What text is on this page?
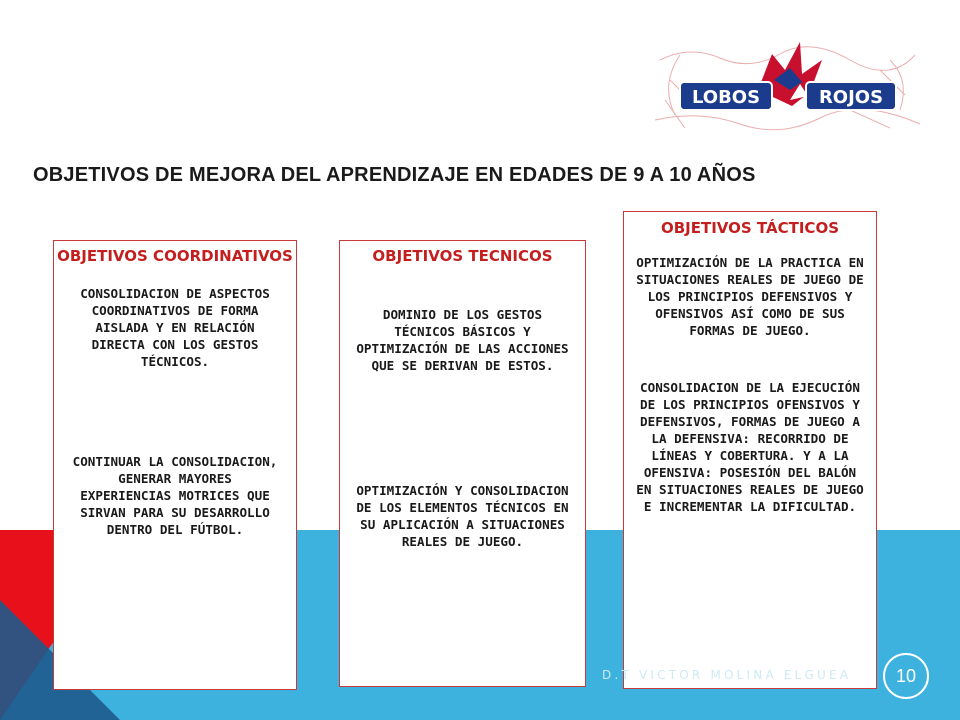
LOBOS	ROJOS
OBJETIVOS DE MEJORA DEL APRENDIZAJE EN EDADES DE 9 A 10 AÑOS
OBJETIVOS COORDINATIVOS
CONSOLIDACION DE ASPECTOS COORDINATIVOS DE FORMA AISLADA Y EN RELACIÓN DIRECTA CON LOS GESTOS TÉCNICOS.
CONTINUAR LA CONSOLIDACION, GENERAR MAYORES EXPERIENCIAS MOTRICES QUE SIRVAN PARA SU DESARROLLO DENTRO DEL FÚTBOL.
OBJETIVOS TECNICOS
DOMINIO DE LOS GESTOS TÉCNICOS BÁSICOS Y OPTIMIZACIÓN DE LAS ACCIONES QUE SE DERIVAN DE ESTOS.
OPTIMIZACIÓN Y CONSOLIDACION DE LOS ELEMENTOS TÉCNICOS EN SU APLICACIÓN A SITUACIONES REALES DE JUEGO.
OBJETIVOS TÁCTICOS
OPTIMIZACIÓN DE LA PRACTICA EN SITUACIONES REALES DE JUEGO DE LOS PRINCIPIOS DEFENSIVOS Y OFENSIVOS ASÍ COMO DE SUS FORMAS DE JUEGO.
CONSOLIDACION DE LA EJECUCIÓN DE LOS PRINCIPIOS OFENSIVOS Y DEFENSIVOS, FORMAS DE JUEGO A LA DEFENSIVA: RECORRIDO DE LÍNEAS Y COBERTURA. Y A LA OFENSIVA: POSESIÓN DEL BALÓN EN SITUACIONES REALES DE JUEGO E INCREMENTAR LA DIFICULTAD.
D.T VICTOR MOLINA ELGUEA	10
